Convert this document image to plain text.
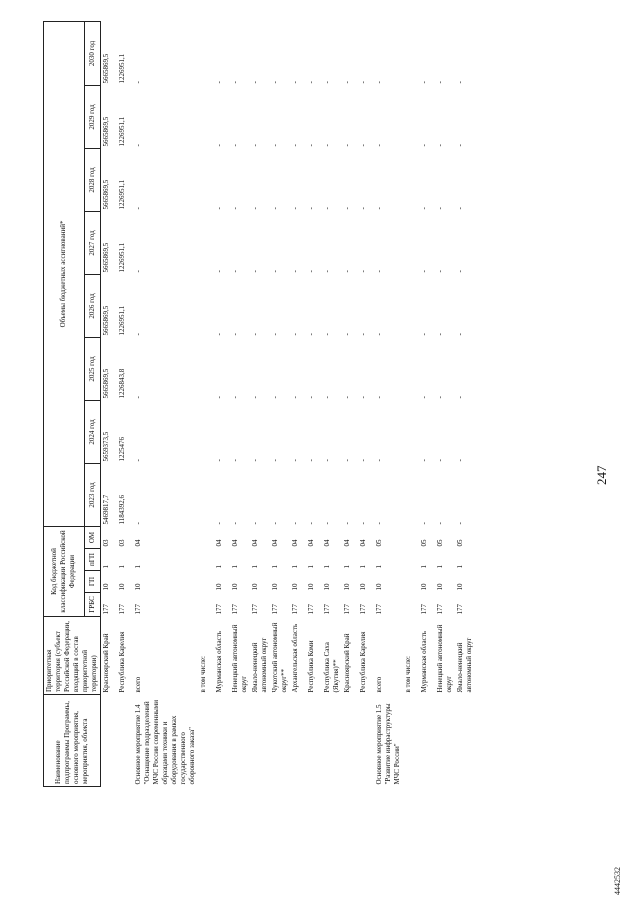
247
4442532
Наименование подпрограммы Программы, основного мероприятия, мероприятия, объекта	Приоритетная территория (субъект Российской Федерации, входящий в состав приоритетной территории)	Код бюджетной классификации Российской Федерации				Объемы бюджетных ассигнований*							
		ГРБС	ГП	пГП	ОМ	2023 год	2024 год	2025 год	2026 год	2027 год	2028 год	2029 год	2030 год
	Красноярский Край	177	10	1	03	5469817,7	5659373,5	5665869,5	5665869,5	5665869,5	5665869,5	5665869,5	5665869,5
	Республика Карелия	177	10	1	03	1184392,6	1225476	1226843,8	1226951,1	1226951,1	1226951,1	1226951,1	1226951,1
Основное мероприятие 1.4 "Оснащение подразделений МЧС России современными образцами техники и оборудования в рамках государственного оборонного заказа"	всего	177	10	1	04	-	-	-	-	-	-	-	-
	в том числе:												
	Мурманская область	177	10	1	04	-	-	-	-	-	-	-	-
	Ненецкий автономный округ	177	10	1	04	-	-	-	-	-	-	-	-
	Ямало-ненецкий автономный округ	177	10	1	04	-	-	-	-	-	-	-	-
	Чукотский автономный округ**	177	10	1	04	-	-	-	-	-	-	-	-
	Архангельская область	177	10	1	04	-	-	-	-	-	-	-	-
	Республика Коми	177	10	1	04	-	-	-	-	-	-	-	-
	Республика Саха (Якутия)**	177	10	1	04	-	-	-	-	-	-	-	-
	Красноярский Край	177	10	1	04	-	-	-	-	-	-	-	-
	Республика Карелия	177	10	1	04	-	-	-	-	-	-	-	-
Основное мероприятие 1.5 "Развитие инфраструктуры МЧС России"	всего	177	10	1	05	-	-	-	-	-	-	-	-
	в том числе:												
	Мурманская область	177	10	1	05	-	-	-	-	-	-	-	-
	Ненецкий автономный округ	177	10	1	05	-	-	-	-	-	-	-	-
	Ямало-ненецкий автономный округ	177	10	1	05	-	-	-	-	-	-	-	-
